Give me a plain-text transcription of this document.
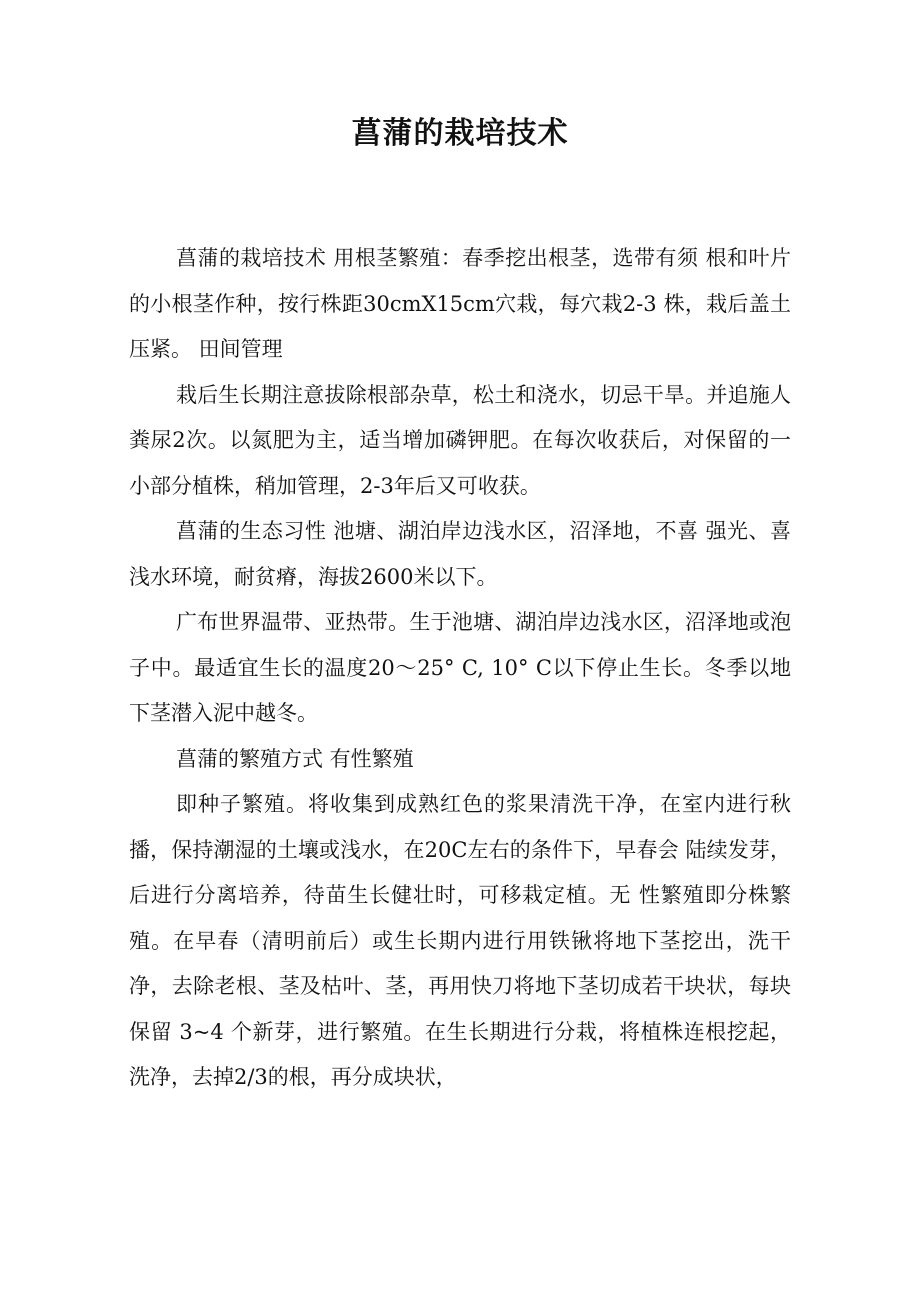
菖蒲的栽培技术

菖蒲的栽培技术 用根茎繁殖：春季挖出根茎，选带有须 根和叶片的小根茎作种，按行株距30cmX15cm穴栽，每穴栽2-3 株，栽后盖土压紧。 田间管理

栽后生长期注意拔除根部杂草，松土和浇水，切忌干旱。并追施人粪尿2次。以氮肥为主，适当增加磷钾肥。在每次收获后，对保留的一小部分植株，稍加管理，2-3年后又可收获。

菖蒲的生态习性 池塘、湖泊岸边浅水区，沼泽地，不喜 强光、喜浅水环境，耐贫瘠，海拔2600米以下。

广布世界温带、亚热带。生于池塘、湖泊岸边浅水区，沼泽地或泡子中。最适宜生长的温度20～25° C, 10° C以下停止生长。冬季以地下茎潜入泥中越冬。

菖蒲的繁殖方式 有性繁殖

即种子繁殖。将收集到成熟红色的浆果清洗干净，在室内进行秋播，保持潮湿的土壤或浅水，在20C左右的条件下，早春会 陆续发芽，后进行分离培养，待苗生长健壮时，可移栽定植。无 性繁殖即分株繁殖。在早春（清明前后）或生长期内进行用铁锹将地下茎挖出，洗干净，去除老根、茎及枯叶、茎，再用快刀将地下茎切成若干块状，每块保留 3~4 个新芽，进行繁殖。在生长期进行分栽，将植株连根挖起，洗净，去掉2/3的根，再分成块状，
